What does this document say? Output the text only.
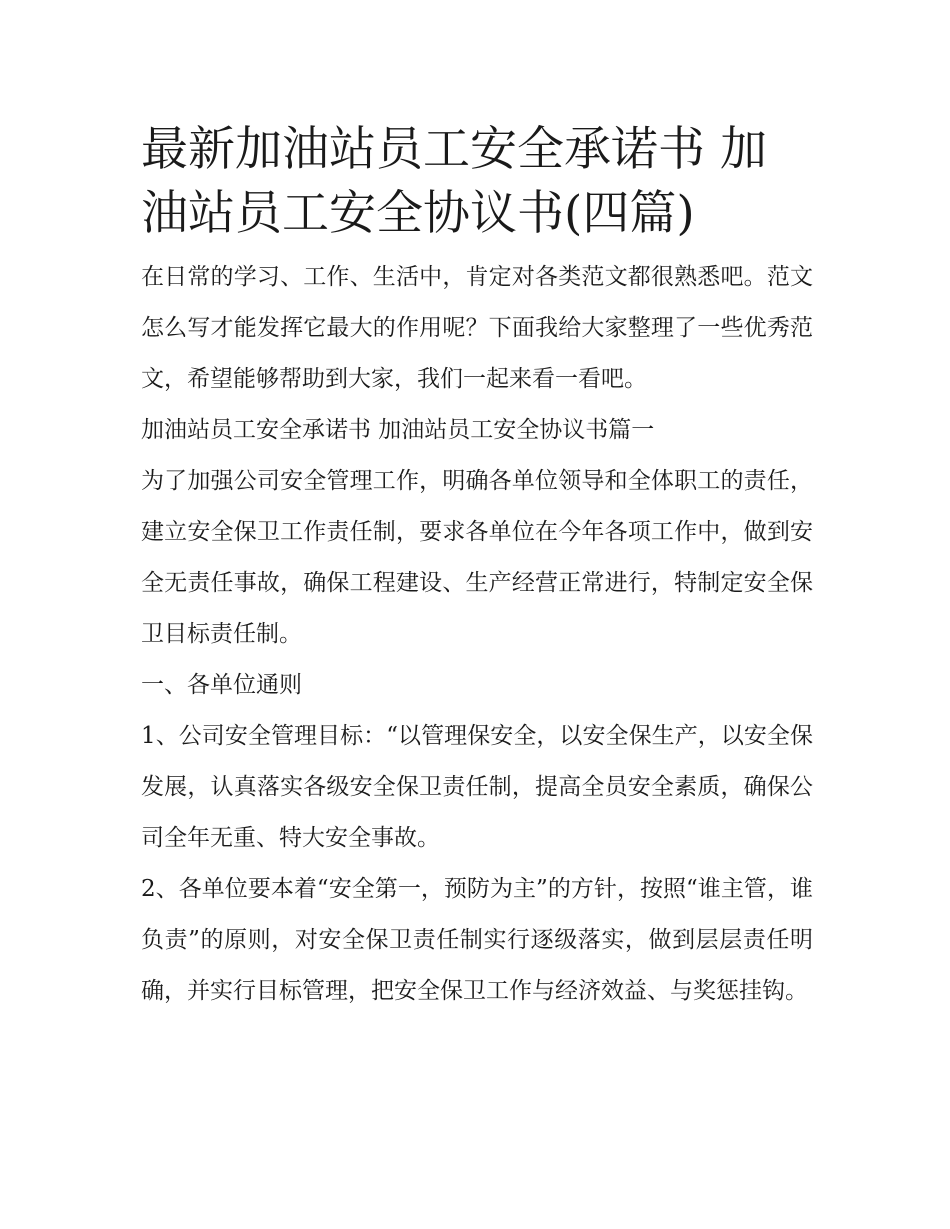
最新加油站员工安全承诺书 加油站员工安全协议书(四篇)

在日常的学习、工作、生活中，肯定对各类范文都很熟悉吧。范文怎么写才能发挥它最大的作用呢？下面我给大家整理了一些优秀范文，希望能够帮助到大家，我们一起来看一看吧。

加油站员工安全承诺书 加油站员工安全协议书篇一

为了加强公司安全管理工作，明确各单位领导和全体职工的责任，建立安全保卫工作责任制，要求各单位在今年各项工作中，做到安全无责任事故，确保工程建设、生产经营正常进行，特制定安全保卫目标责任制。

一、各单位通则

1、公司安全管理目标：“以管理保安全，以安全保生产，以安全保发展，认真落实各级安全保卫责任制，提高全员安全素质，确保公司全年无重、特大安全事故。

2、各单位要本着“安全第一，预防为主”的方针，按照“谁主管，谁负责”的原则，对安全保卫责任制实行逐级落实，做到层层责任明确，并实行目标管理，把安全保卫工作与经济效益、与奖惩挂钩。
